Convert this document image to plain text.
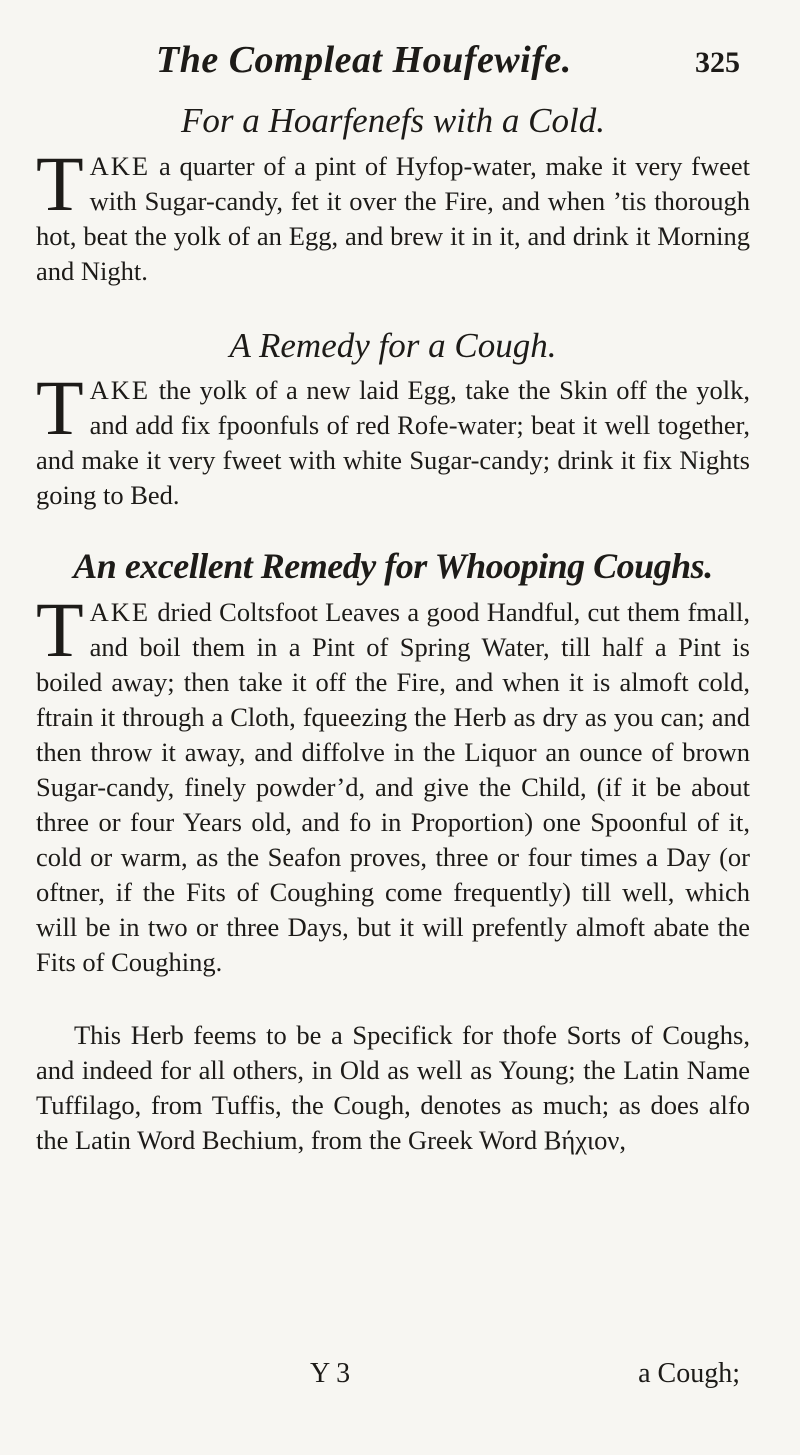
The Compleat Houfewife.	325
For a Hoarfenefs with a Cold.

TAKE a quarter of a pint of Hyfop-water, make it very fweet with Sugar-candy, fet it over the Fire, and when ’tis thorough hot, beat the yolk of an Egg, and brew it in it, and drink it Morning and Night.

A Remedy for a Cough.

TAKE the yolk of a new laid Egg, take the Skin off the yolk, and add fix fpoonfuls of red Rofe-water; beat it well together, and make it very fweet with white Sugar-candy; drink it fix Nights going to Bed.

An excellent Remedy for Whooping Coughs.

TAKE dried Coltsfoot Leaves a good Handful, cut them fmall, and boil them in a Pint of Spring Water, till half a Pint is boiled away; then take it off the Fire, and when it is almoft cold, ftrain it through a Cloth, fqueezing the Herb as dry as you can; and then throw it away, and diffolve in the Liquor an ounce of brown Sugar-candy, finely powder’d, and give the Child, (if it be about three or four Years old, and fo in Proportion) one Spoonful of it, cold or warm, as the Seafon proves, three or four times a Day (or oftner, if the Fits of Coughing come frequently) till well, which will be in two or three Days, but it will prefently almoft abate the Fits of Coughing.

This Herb feems to be a Specifick for thofe Sorts of Coughs, and indeed for all others, in Old as well as Young; the Latin Name Tuffilago, from Tuffis, the Cough, denotes as much; as does alfo the Latin Word Bechium, from the Greek Word Βήχιον,

Y 3	a Cough;
